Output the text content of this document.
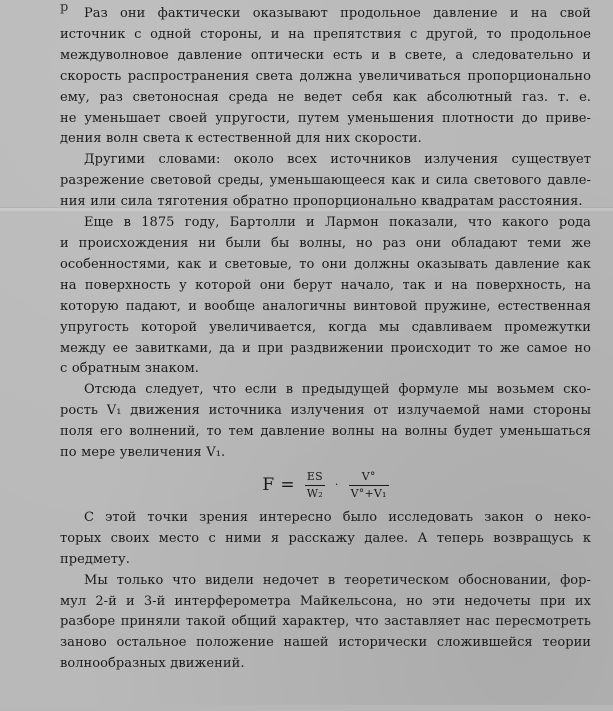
р	Раз они фактически оказывают продольное давление и на свой
источник с одной стороны, и на препятствия с другой, то продольное
междуволновое давление оптически есть и в свете, а следовательно и
скорость распространения света должна увеличиваться пропорционально
ему, раз светоносная среда не ведет себя как абсолютный газ. т. е.
не уменьшает своей упругости, путем уменьшения плотности до приве-
дения волн света к естественной для них скорости.
Другими словами: около всех источников излучения существует
разрежение световой среды, уменьшающееся как и сила светового давле-
ния или сила тяготения обратно пропорционально квадратам расстояния.
Еще в 1875 году, Бартолли и Лармон показали, что какого рода
и происхождения ни были бы волны, но раз они обладают теми же
особенностями, как и световые, то они должны оказывать давление как
на поверхность у которой они берут начало, так и на поверхность, на
которую падают, и вообще аналогичны винтовой пружине, естественная
упругость которой увеличивается, когда мы сдавливаем промежутки
между ее завитками, да и при раздвижении происходит то же самое но
с обратным знаком.
Отсюда следует, что если в предыдущей формуле мы возьмем ско-
рость V₁ движения источника излучения от излучаемой нами стороны
поля его волнений, то тем давление волны на волны будет уменьшаться
по мере увеличения V₁.
$F = \frac{ES}{\text{W₂}} \cdot \frac{V^\circ}{\text{V°+V₁}}$
С этой точки зрения интересно было исследовать закон о неко-
торых своих место с ними я расскажу далее. А теперь возвращусь к
предмету.
Мы только что видели недочет в теоретическом обосновании, фор-
мул 2-й и 3-й интерферометра Майкельсона, но эти недочеты при их
разборе приняли такой общий характер, что заставляет нас пересмотреть
заново остальное положение нашей исторически сложившейся теории
волнообразных движений.
